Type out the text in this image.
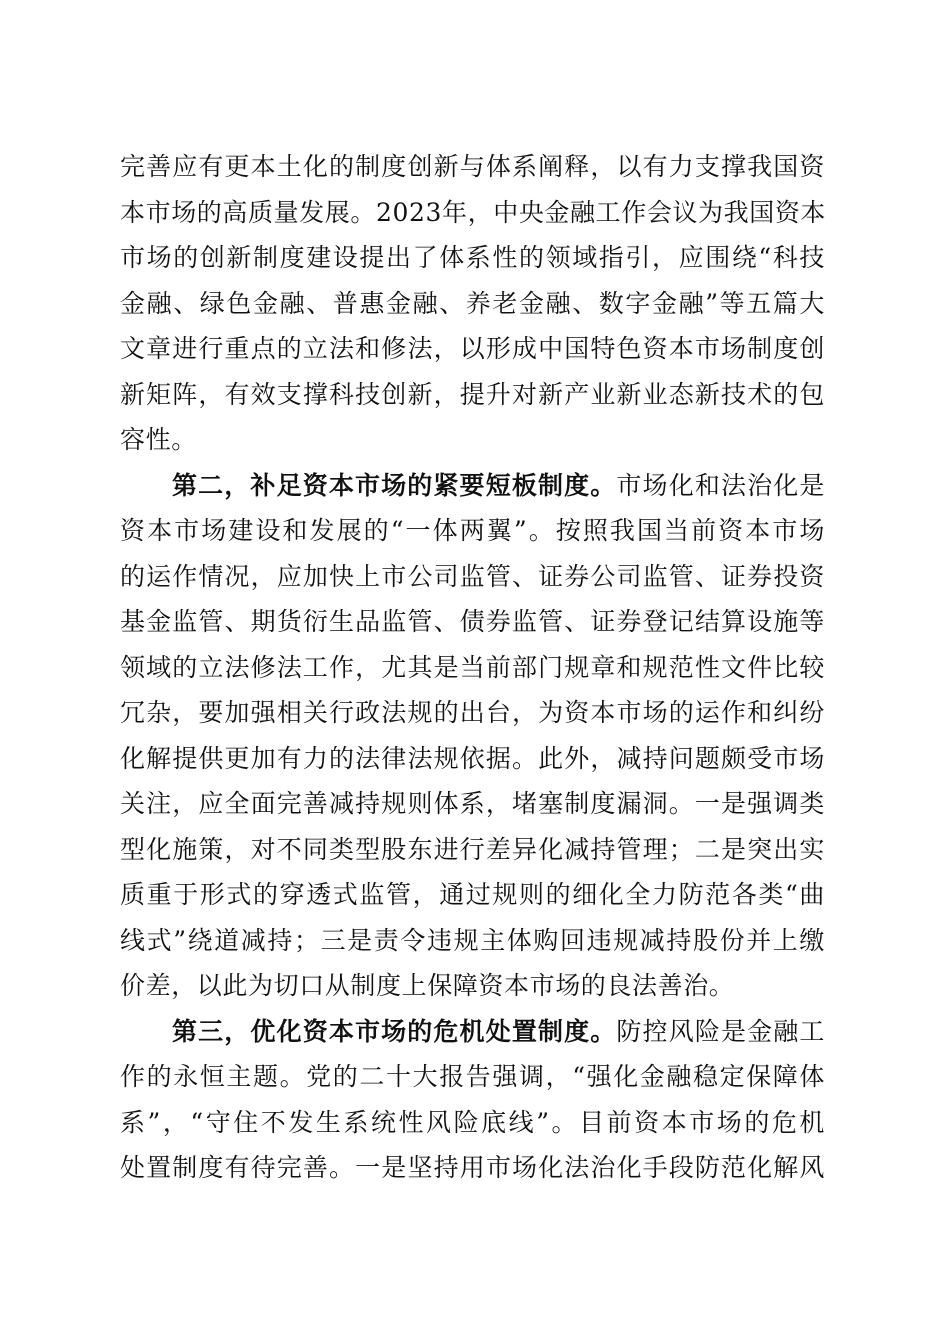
完善应有更本土化的制度创新与体系阐释，以有力支撑我国资
本市场的高质量发展。2023年，中央金融工作会议为我国资本
市场的创新制度建设提出了体系性的领域指引，应围绕“科技
金融、绿色金融、普惠金融、养老金融、数字金融”等五篇大
文章进行重点的立法和修法，以形成中国特色资本市场制度创
新矩阵，有效支撑科技创新，提升对新产业新业态新技术的包
容性。
第二，补足资本市场的紧要短板制度。市场化和法治化是
资本市场建设和发展的“一体两翼”。按照我国当前资本市场
的运作情况，应加快上市公司监管、证券公司监管、证券投资
基金监管、期货衍生品监管、债券监管、证券登记结算设施等
领域的立法修法工作，尤其是当前部门规章和规范性文件比较
冗杂，要加强相关行政法规的出台，为资本市场的运作和纠纷
化解提供更加有力的法律法规依据。此外，减持问题颇受市场
关注，应全面完善减持规则体系，堵塞制度漏洞。一是强调类
型化施策，对不同类型股东进行差异化减持管理；二是突出实
质重于形式的穿透式监管，通过规则的细化全力防范各类“曲
线式”绕道减持；三是责令违规主体购回违规减持股份并上缴
价差，以此为切口从制度上保障资本市场的良法善治。
第三，优化资本市场的危机处置制度。防控风险是金融工
作的永恒主题。党的二十大报告强调，“强化金融稳定保障体
系”，“守住不发生系统性风险底线”。目前资本市场的危机
处置制度有待完善。一是坚持用市场化法治化手段防范化解风
